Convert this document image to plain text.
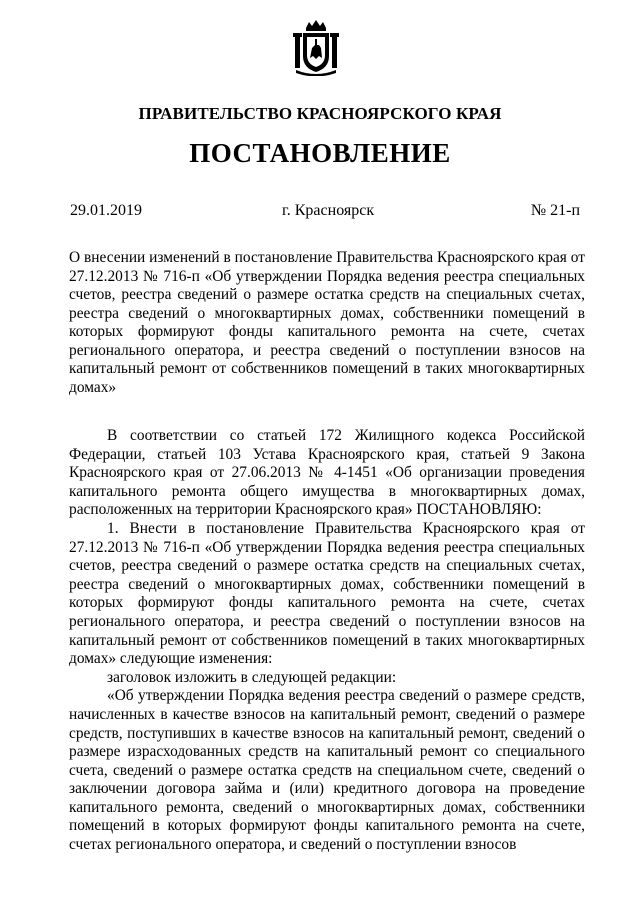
ПРАВИТЕЛЬСТВО КРАСНОЯРСКОГО КРАЯ
ПОСТАНОВЛЕНИЕ
29.01.2019	г. Красноярск	№ 21-п
О внесении изменений в постановление Правительства Красноярского края от 27.12.2013 № 716-п «Об утверждении Порядка ведения реестра специальных счетов, реестра сведений о размере остатка средств на специальных счетах, реестра сведений о многоквартирных домах, собственники помещений в которых формируют фонды капитального ремонта на счете, счетах регионального оператора, и реестра сведений о поступлении взносов на капитальный ремонт от собственников помещений в таких многоквартирных домах»

В соответствии со статьей 172 Жилищного кодекса Российской Федерации, статьей 103 Устава Красноярского края, статьей 9 Закона Красноярского края от 27.06.2013 № 4-1451 «Об организации проведения капитального ремонта общего имущества в многоквартирных домах, расположенных на территории Красноярского края» ПОСТАНОВЛЯЮ:

1. Внести в постановление Правительства Красноярского края от 27.12.2013 № 716-п «Об утверждении Порядка ведения реестра специальных счетов, реестра сведений о размере остатка средств на специальных счетах, реестра сведений о многоквартирных домах, собственники помещений в которых формируют фонды капитального ремонта на счете, счетах регионального оператора, и реестра сведений о поступлении взносов на капитальный ремонт от собственников помещений в таких многоквартирных домах» следующие изменения:

заголовок изложить в следующей редакции:

«Об утверждении Порядка ведения реестра сведений о размере средств, начисленных в качестве взносов на капитальный ремонт, сведений о размере средств, поступивших в качестве взносов на капитальный ремонт, сведений о размере израсходованных средств на капитальный ремонт со специального счета, сведений о размере остатка средств на специальном счете, сведений о заключении договора займа и (или) кредитного договора на проведение капитального ремонта, сведений о многоквартирных домах, собственники помещений в которых формируют фонды капитального ремонта на счете, счетах регионального оператора, и сведений о поступлении взносов
